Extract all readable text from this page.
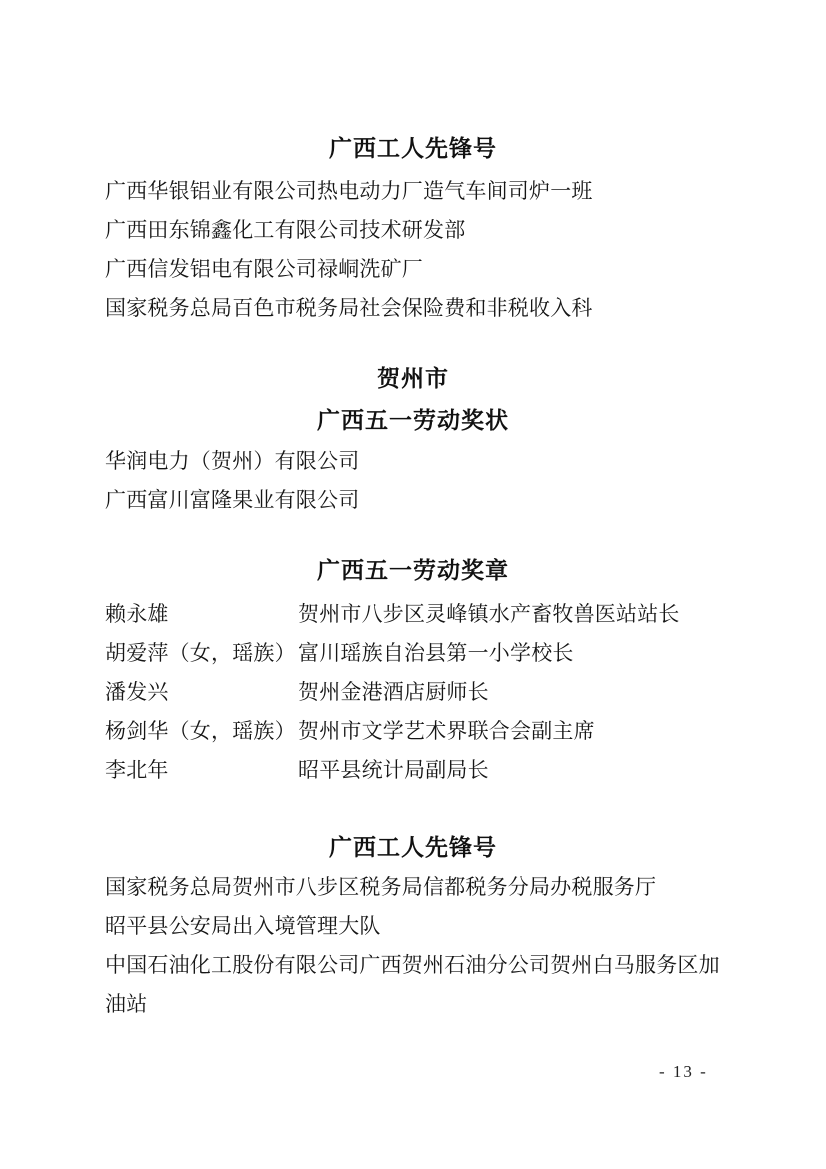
广西工人先锋号

广西华银铝业有限公司热电动力厂造气车间司炉一班

广西田东锦鑫化工有限公司技术研发部

广西信发铝电有限公司禄峒洗矿厂

国家税务总局百色市税务局社会保险费和非税收入科

贺州市
广西五一劳动奖状

华润电力（贺州）有限公司

广西富川富隆果业有限公司

广西五一劳动奖章
赖永雄	贺州市八步区灵峰镇水产畜牧兽医站站长
胡爱萍（女，瑶族） 富川瑶族自治县第一小学校长
潘发兴	贺州金港酒店厨师长
杨剑华（女，瑶族） 贺州市文学艺术界联合会副主席
李北年	昭平县统计局副局长
广西工人先锋号

国家税务总局贺州市八步区税务局信都税务分局办税服务厅

昭平县公安局出入境管理大队

中国石油化工股份有限公司广西贺州石油分公司贺州白马服务区加

油站

- 13 -
